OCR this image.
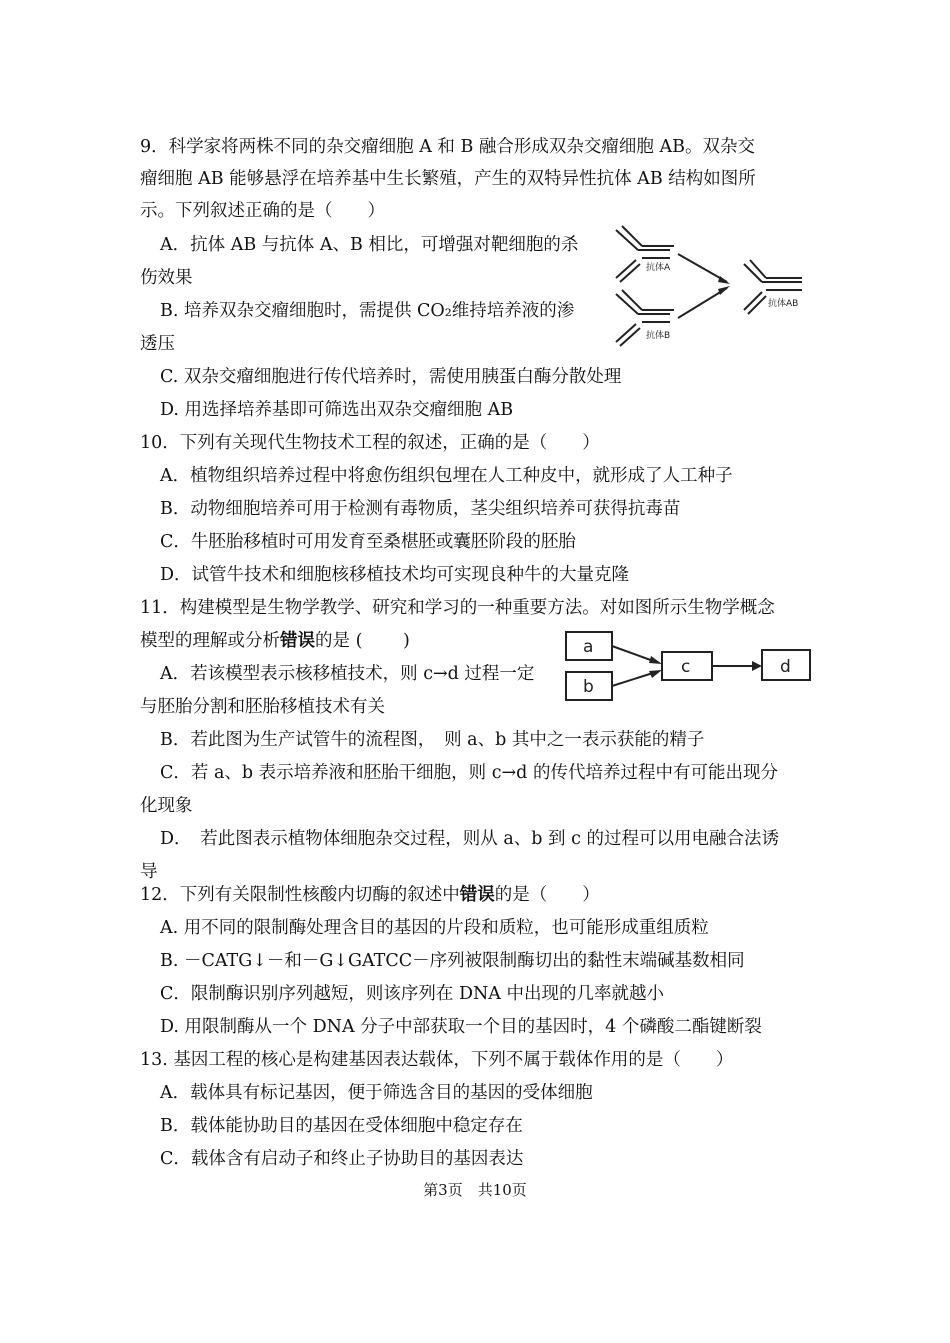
9．科学家将两株不同的杂交瘤细胞 A 和 B 融合形成双杂交瘤细胞 AB。双杂交
瘤细胞 AB 能够悬浮在培养基中生长繁殖，产生的双特异性抗体 AB 结构如图所
示。下列叙述正确的是（　　）
A．抗体 AB 与抗体 A、B 相比，可增强对靶细胞的杀
伤效果
B. 培养双杂交瘤细胞时，需提供 CO₂维持培养液的渗
透压
C. 双杂交瘤细胞进行传代培养时，需使用胰蛋白酶分散处理
D. 用选择培养基即可筛选出双杂交瘤细胞 AB
抗体A
抗体B
抗体AB
10．下列有关现代生物技术工程的叙述，正确的是（　　）
A．植物组织培养过程中将愈伤组织包埋在人工种皮中，就形成了人工种子
B．动物细胞培养可用于检测有毒物质，茎尖组织培养可获得抗毒苗
C．牛胚胎移植时可用发育至桑椹胚或囊胚阶段的胚胎
D．试管牛技术和细胞核移植技术均可实现良种牛的大量克隆
11．构建模型是生物学教学、研究和学习的一种重要方法。对如图所示生物学概念
模型的理解或分析错误的是 (　　 )
A．若该模型表示核移植技术，则 c→d 过程一定
与胚胎分割和胚胎移植技术有关
B．若此图为生产试管牛的流程图，　则 a、b 其中之一表示获能的精子
C．若 a、b 表示培养液和胚胎干细胞，则 c→d 的传代培养过程中有可能出现分
化现象
D．　若此图表示植物体细胞杂交过程，则从 a、b 到 c 的过程可以用电融合法诱
导
a
b
c	d
12．下列有关限制性核酸内切酶的叙述中错误的是（　　）
A. 用不同的限制酶处理含目的基因的片段和质粒，也可能形成重组质粒
B. －CATG↓－和－G↓GATCC－序列被限制酶切出的黏性末端碱基数相同
C．限制酶识别序列越短，则该序列在 DNA 中出现的几率就越小
D. 用限制酶从一个 DNA 分子中部获取一个目的基因时，4 个磷酸二酯键断裂
13. 基因工程的核心是构建基因表达载体，下列不属于载体作用的是（　　）
A．载体具有标记基因，便于筛选含目的基因的受体细胞
B．载体能协助目的基因在受体细胞中稳定存在
C．载体含有启动子和终止子协助目的基因表达
第3页　共10页
